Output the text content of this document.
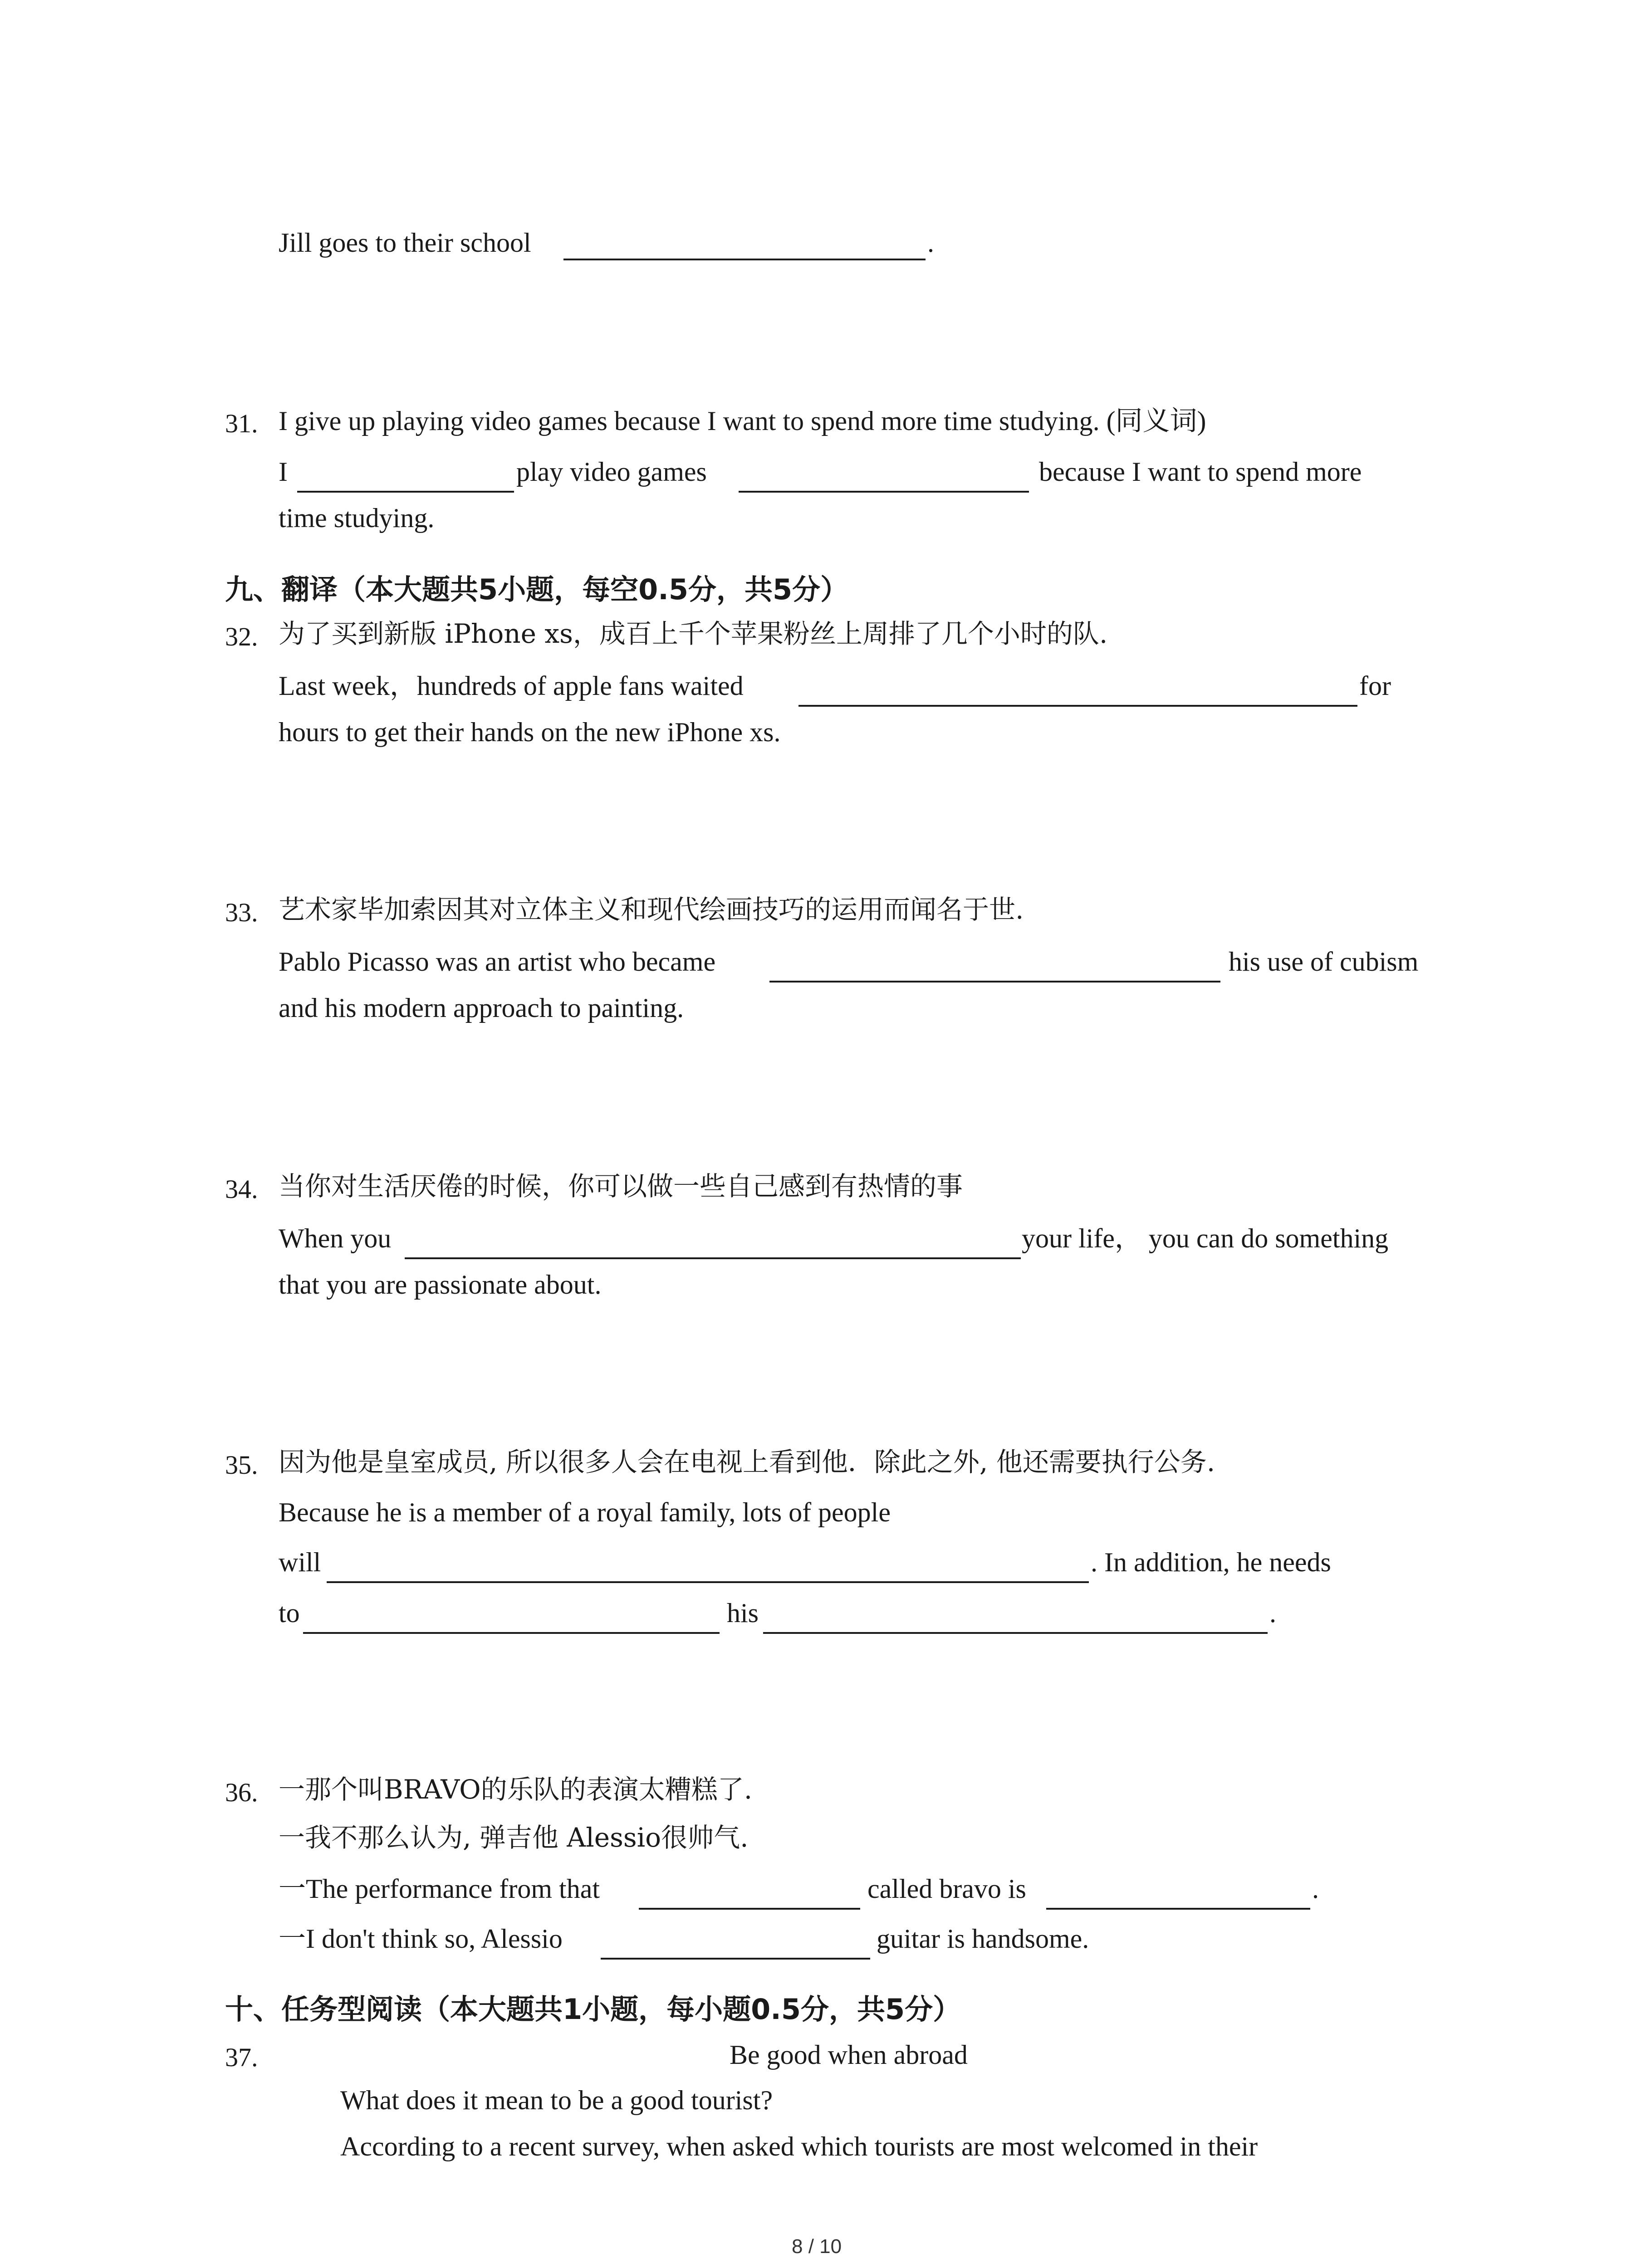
Jill goes to their school	.
31. I give up playing video games because I want to spend more time studying. (同义词)
I	play video games	because I want to spend more
time studying.
九、翻译（本大题共5小题，每空0.5分，共5分）
32. 为了买到新版 iPhone xs，成百上千个苹果粉丝上周排了几个小时的队.
Last week，hundreds of apple fans waited	for
hours to get their hands on the new iPhone xs.
33. 艺术家毕加索因其对立体主义和现代绘画技巧的运用而闻名于世.
Pablo Picasso was an artist who became	his use of cubism
and his modern approach to painting.
34. 当你对生活厌倦的时候，你可以做一些自己感到有热情的事
When you	your life， you can do something
that you are passionate about.
35. 因为他是皇室成员, 所以很多人会在电视上看到他．除此之外, 他还需要执行公务.
Because he is a member of a royal family, lots of people
will	. In addition, he needs
to	his	.
36. 一那个叫BRAVO的乐队的表演太糟糕了.
一我不那么认为, 弹吉他 Alessio很帅气.
一The performance from that	called bravo is	.
一I don't think so, Alessio	guitar is handsome.
十、任务型阅读（本大题共1小题，每小题0.5分，共5分）
37.	Be good when abroad
What does it mean to be a good tourist?
According to a recent survey, when asked which tourists are most welcomed in their
8 / 10
